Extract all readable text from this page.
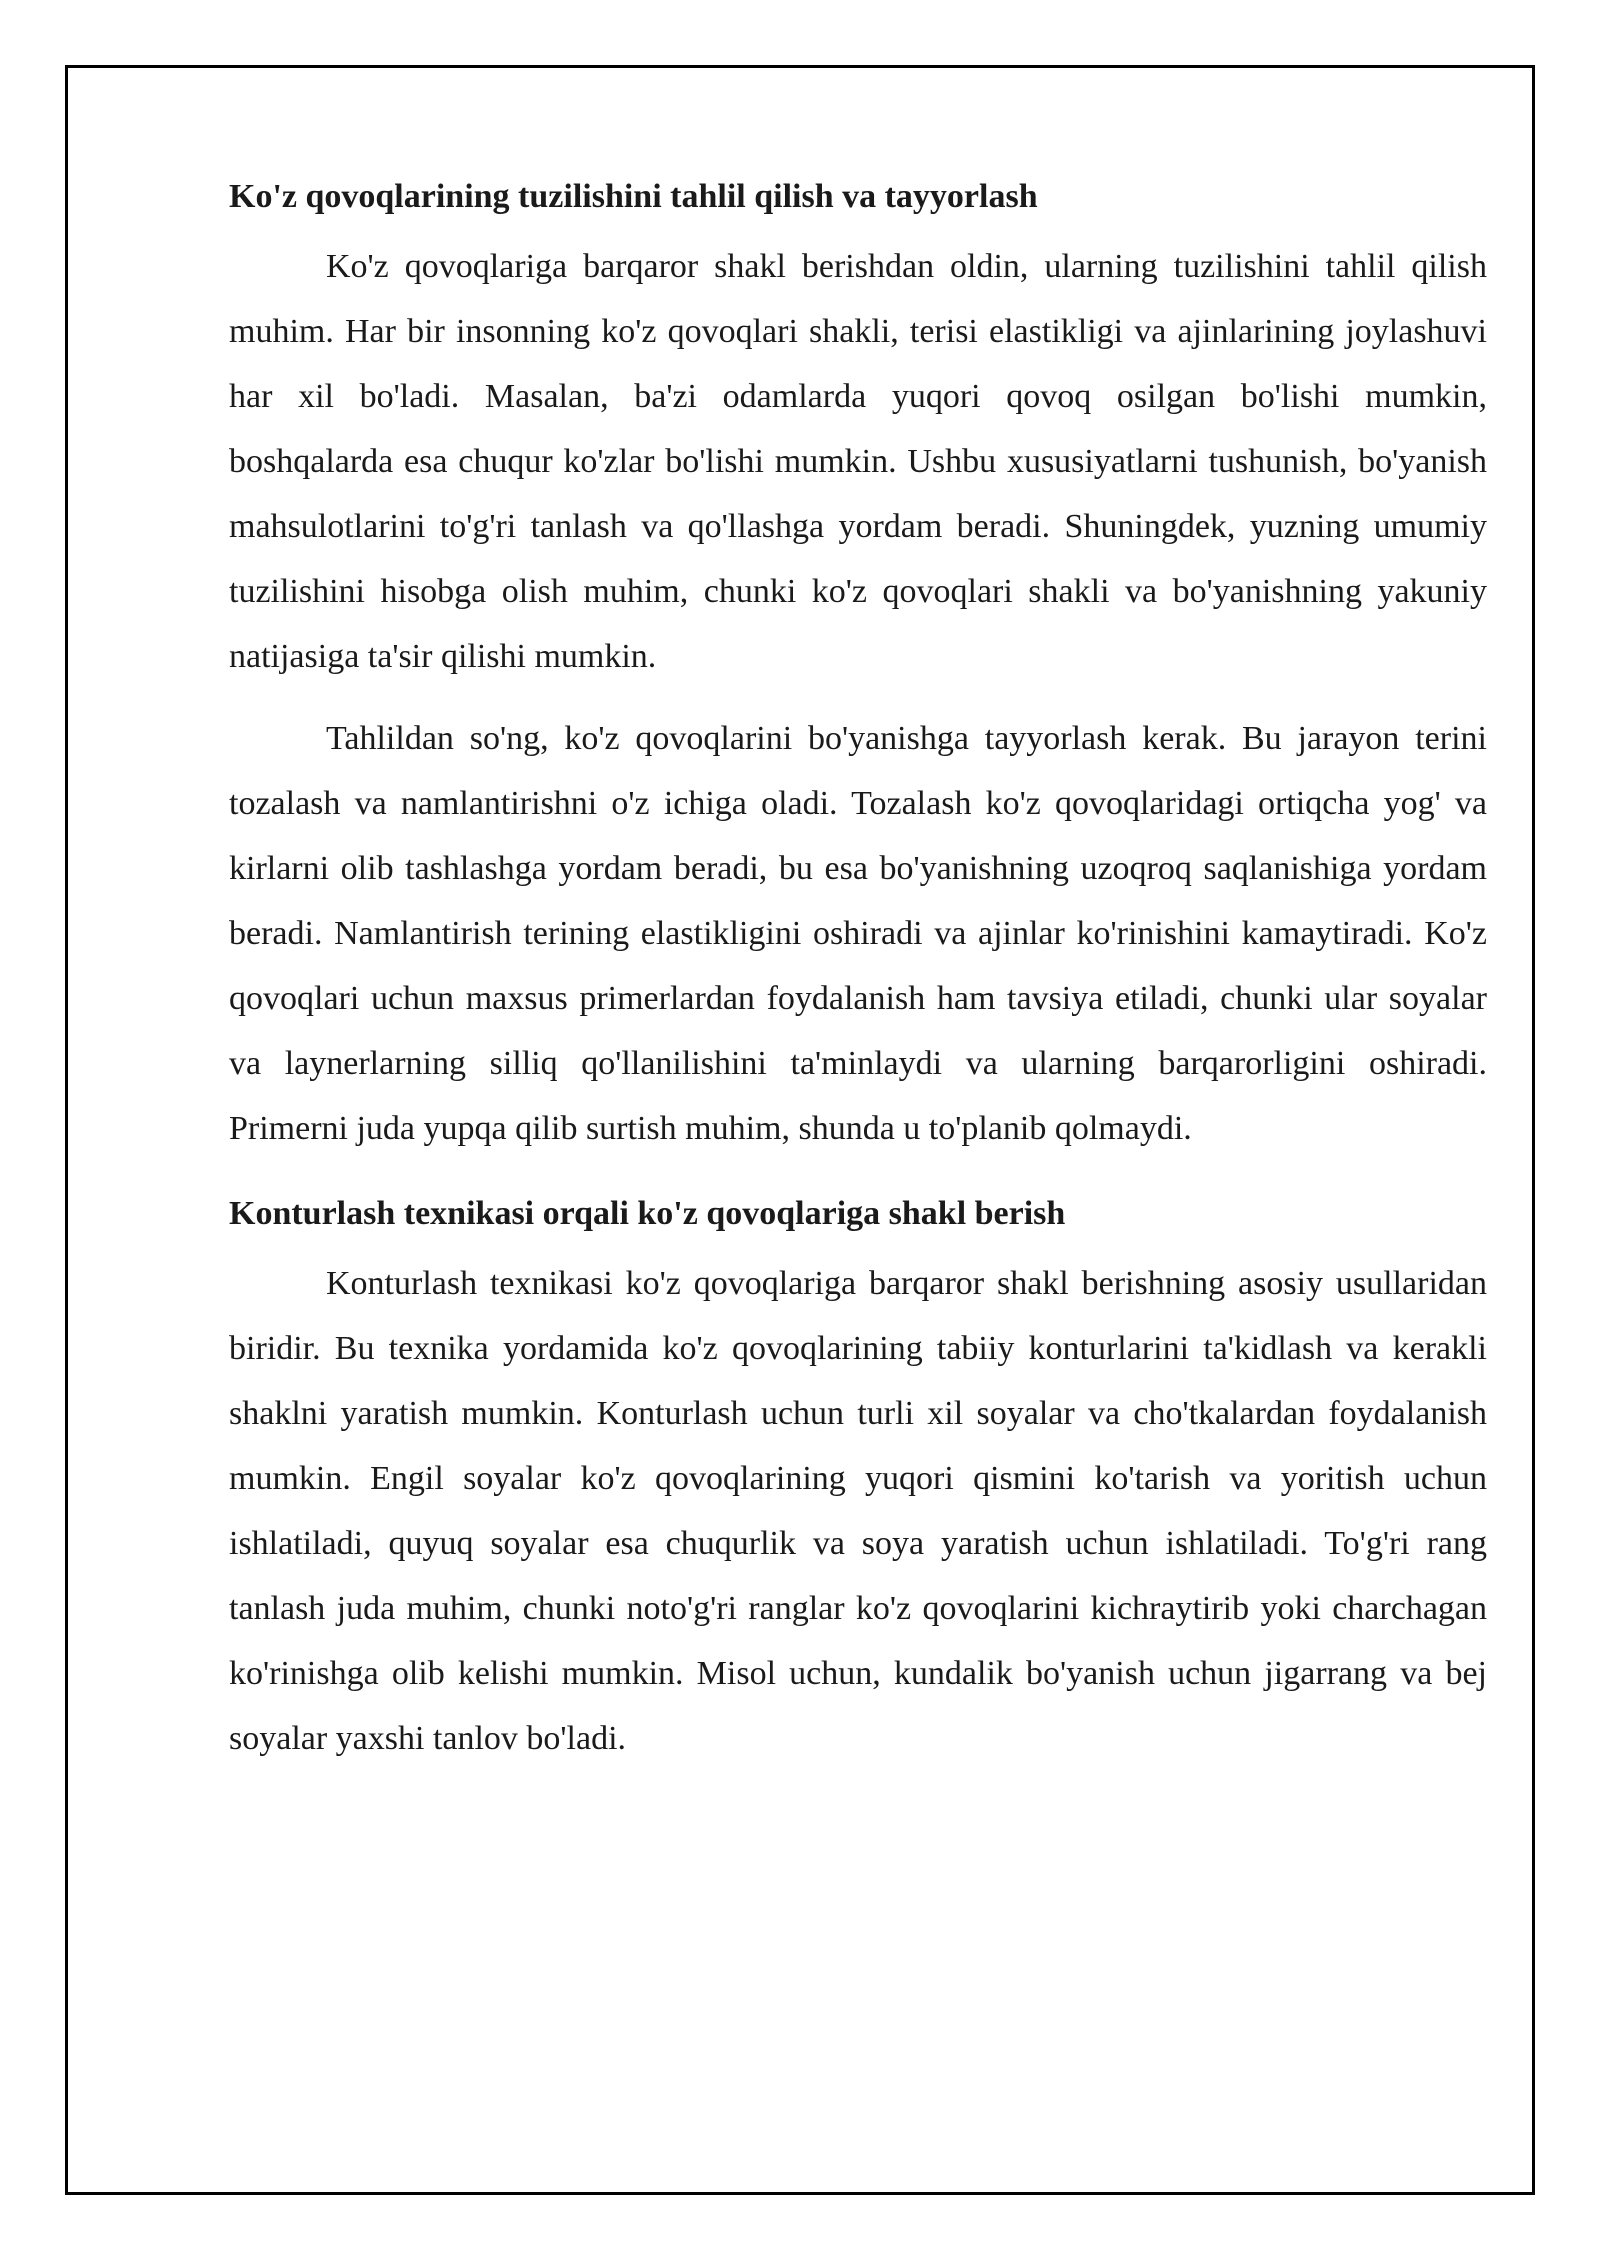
Ko'z qovoqlarining tuzilishini tahlil qilish va tayyorlash

Ko'z qovoqlariga barqaror shakl berishdan oldin, ularning tuzilishini tahlil qilish muhim. Har bir insonning ko'z qovoqlari shakli, terisi elastikligi va ajinlarining joylashuvi har xil bo'ladi. Masalan, ba'zi odamlarda yuqori qovoq osilgan bo'lishi mumkin, boshqalarda esa chuqur ko'zlar bo'lishi mumkin. Ushbu xususiyatlarni tushunish, bo'yanish mahsulotlarini to'g'ri tanlash va qo'llashga yordam beradi. Shuningdek, yuzning umumiy tuzilishini hisobga olish muhim, chunki ko'z qovoqlari shakli va bo'yanishning yakuniy natijasiga ta'sir qilishi mumkin.

Tahlildan so'ng, ko'z qovoqlarini bo'yanishga tayyorlash kerak. Bu jarayon terini tozalash va namlantirishni o'z ichiga oladi. Tozalash ko'z qovoqlaridagi ortiqcha yog' va kirlarni olib tashlashga yordam beradi, bu esa bo'yanishning uzoqroq saqlanishiga yordam beradi. Namlantirish terining elastikligini oshiradi va ajinlar ko'rinishini kamaytiradi. Ko'z qovoqlari uchun maxsus primerlardan foydalanish ham tavsiya etiladi, chunki ular soyalar va laynerlarning silliq qo'llanilishini ta'minlaydi va ularning barqarorligini oshiradi. Primerni juda yupqa qilib surtish muhim, shunda u to'planib qolmaydi.

Konturlash texnikasi orqali ko'z qovoqlariga shakl berish

Konturlash texnikasi ko'z qovoqlariga barqaror shakl berishning asosiy usullaridan biridir. Bu texnika yordamida ko'z qovoqlarining tabiiy konturlarini ta'kidlash va kerakli shaklni yaratish mumkin. Konturlash uchun turli xil soyalar va cho'tkalardan foydalanish mumkin. Engil soyalar ko'z qovoqlarining yuqori qismini ko'tarish va yoritish uchun ishlatiladi, quyuq soyalar esa chuqurlik va soya yaratish uchun ishlatiladi. To'g'ri rang tanlash juda muhim, chunki noto'g'ri ranglar ko'z qovoqlarini kichraytirib yoki charchagan ko'rinishga olib kelishi mumkin. Misol uchun, kundalik bo'yanish uchun jigarrang va bej soyalar yaxshi tanlov bo'ladi.
